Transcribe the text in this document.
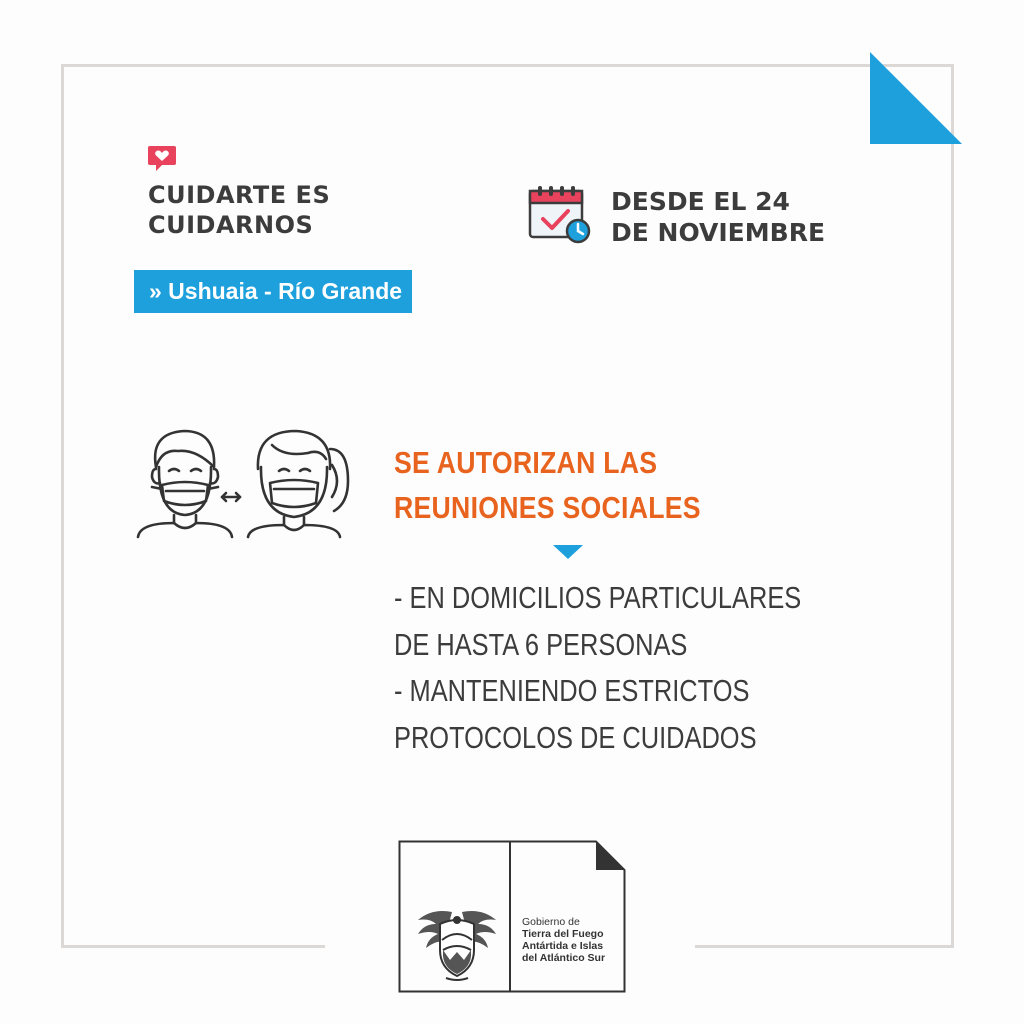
CUIDARTE ES
CUIDARNOS
» Ushuaia - Río Grande
DESDE EL 24
DE NOVIEMBRE
SE AUTORIZAN LAS
REUNIONES SOCIALES

- EN DOMICILIOS PARTICULARES
DE HASTA 6 PERSONAS
- MANTENIENDO ESTRICTOS
PROTOCOLOS DE CUIDADOS

Gobierno de
Tierra del Fuego
Antártida e Islas
del Atlántico Sur
